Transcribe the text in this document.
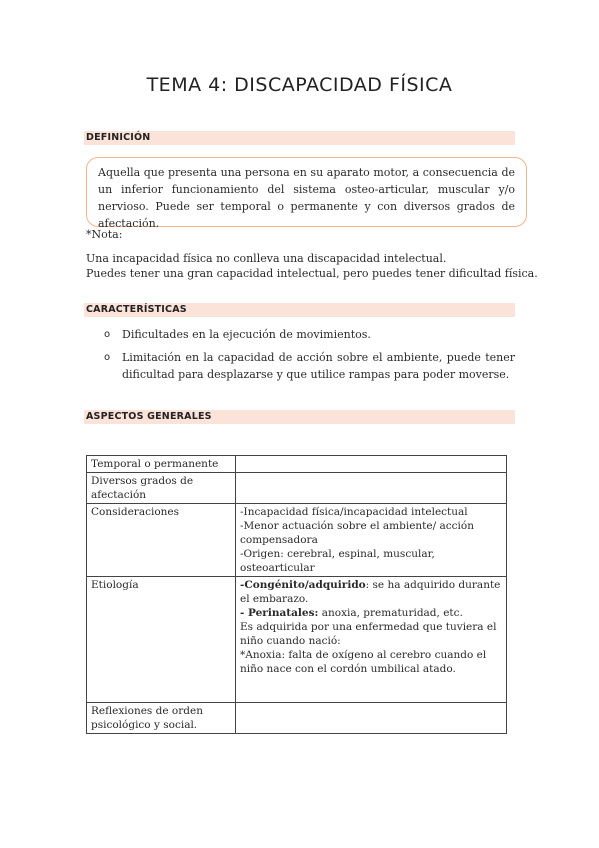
TEMA 4: DISCAPACIDAD FÍSICA
DEFINICIÓN
Aquella que presenta una persona en su aparato motor, a consecuencia de un inferior funcionamiento del sistema osteo-articular, muscular y/o nervioso. Puede ser temporal o permanente y con diversos grados de afectación.
*Nota:
Una incapacidad física no conlleva una discapacidad intelectual.
Puedes tener una gran capacidad intelectual, pero puedes tener dificultad física.
CARACTERÍSTICAS
o Dificultades en la ejecución de movimientos.
o Limitación en la capacidad de acción sobre el ambiente, puede tener dificultad para desplazarse y que utilice rampas para poder moverse.
ASPECTOS GENERALES
Temporal o permanente	
Diversos grados de afectación	
Consideraciones	-Incapacidad física/incapacidad intelectual
-Menor actuación sobre el ambiente/ acción compensadora
-Origen: cerebral, espinal, muscular, osteoarticular

Etiología	-Congénito/adquirido: se ha adquirido durante el embarazo.
- Perinatales: anoxia, prematuridad, etc.
Es adquirida por una enfermedad que tuviera el niño cuando nació:
*Anoxia: falta de oxígeno al cerebro cuando el niño nace con el cordón umbilical atado.

Reflexiones de orden psicológico y social.	
